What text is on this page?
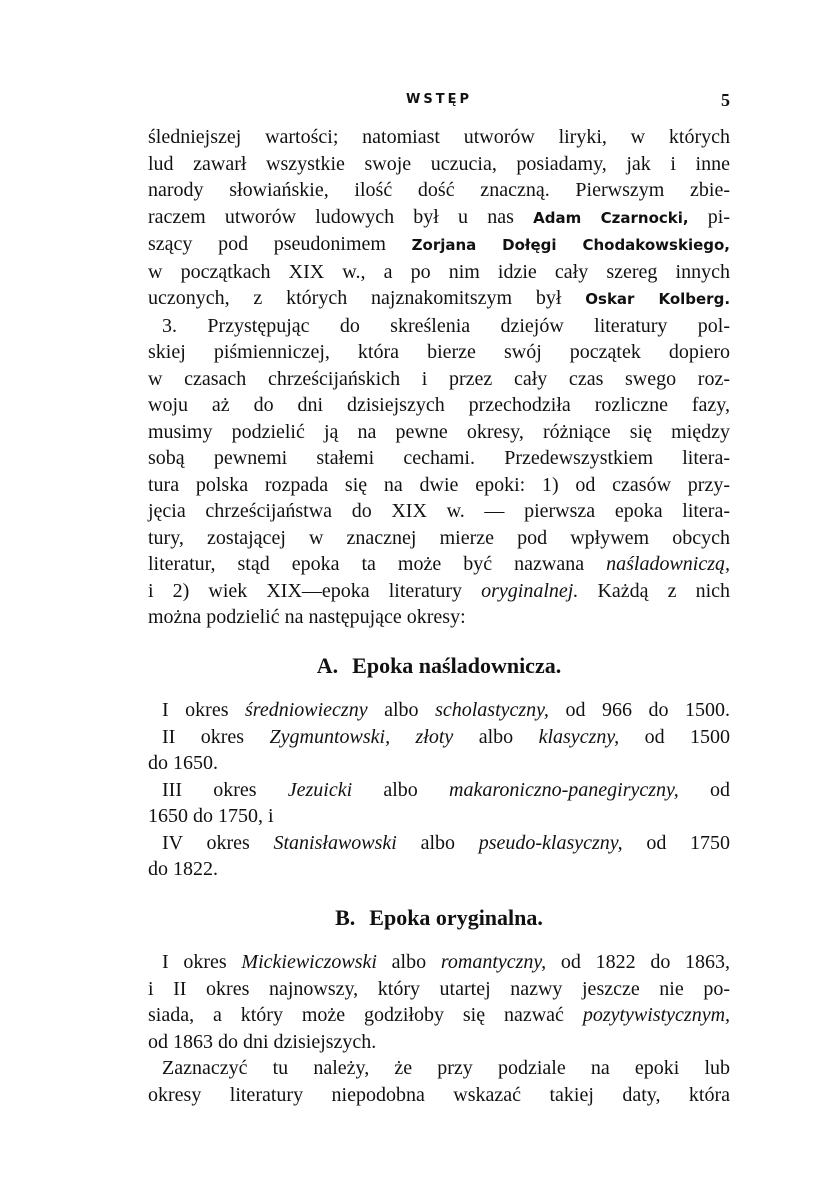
WSTĘP	5
śledniejszej wartości; natomiast utworów liryki, w których
lud zawarł wszystkie swoje uczucia, posiadamy, jak i inne
narody słowiańskie, ilość dość znaczną. Pierwszym zbie-
raczem utworów ludowych był u nas Adam Czarnocki, pi-
szący pod pseudonimem Zorjana Dołęgi Chodakowskiego,
w początkach XIX w., a po nim idzie cały szereg innych
uczonych, z których najznakomitszym był Oskar Kolberg.
3. Przystępując do skreślenia dziejów literatury pol-
skiej piśmienniczej, która bierze swój początek dopiero
w czasach chrześcijańskich i przez cały czas swego roz-
woju aż do dni dzisiejszych przechodziła rozliczne fazy,
musimy podzielić ją na pewne okresy, różniące się między
sobą pewnemi stałemi cechami. Przedewszystkiem litera-
tura polska rozpada się na dwie epoki: 1) od czasów przy-
jęcia chrześcijaństwa do XIX w. — pierwsza epoka litera-
tury, zostającej w znacznej mierze pod wpływem obcych
literatur, stąd epoka ta może być nazwana naśladowniczą,
i 2) wiek XIX—epoka literatury oryginalnej. Każdą z nich
można podzielić na następujące okresy:
A. Epoka naśladownicza.
I okres średniowieczny albo scholastyczny, od 966 do 1500.
II okres Zygmuntowski, złoty albo klasyczny, od 1500
do 1650.
III okres Jezuicki albo makaroniczno-panegiryczny, od
1650 do 1750, i
IV okres Stanisławowski albo pseudo-klasyczny, od 1750
do 1822.
B. Epoka oryginalna.
I okres Mickiewiczowski albo romantyczny, od 1822 do 1863,
i II okres najnowszy, który utartej nazwy jeszcze nie po-
siada, a który może godziłoby się nazwać pozytywistycznym,
od 1863 do dni dzisiejszych.
Zaznaczyć tu należy, że przy podziale na epoki lub
okresy literatury niepodobna wskazać takiej daty, która
